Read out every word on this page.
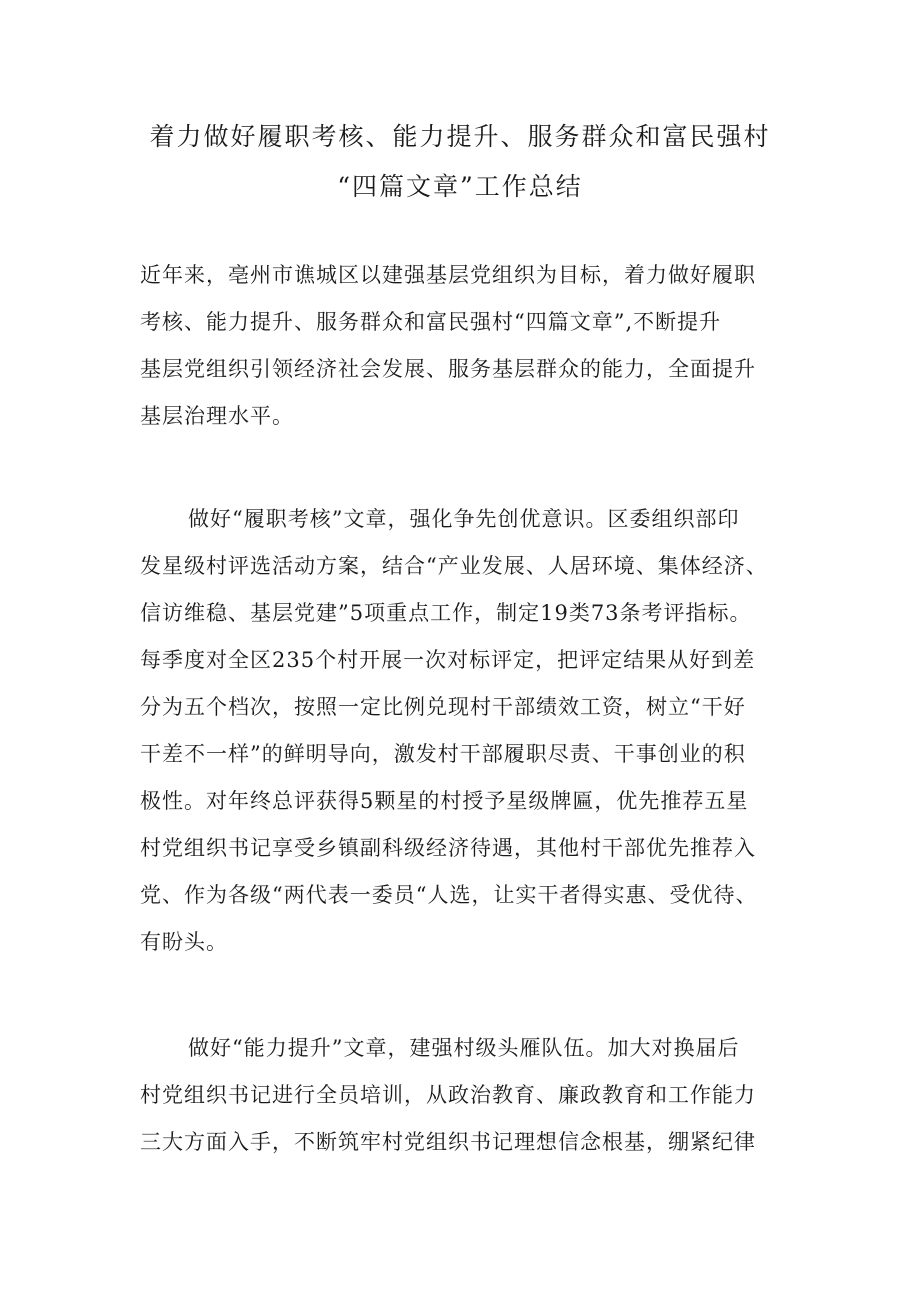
着力做好履职考核、能力提升、服务群众和富民强村
“四篇文章”工作总结
近年来，亳州市谯城区以建强基层党组织为目标，着力做好履职
考核、能力提升、服务群众和富民强村“四篇文章”,不断提升
基层党组织引领经济社会发展、服务基层群众的能力，全面提升
基层治理水平。
做好“履职考核”文章，强化争先创优意识。区委组织部印
发星级村评选活动方案，结合“产业发展、人居环境、集体经济、
信访维稳、基层党建”5项重点工作，制定19类73条考评指标。
每季度对全区235个村开展一次对标评定，把评定结果从好到差
分为五个档次，按照一定比例兑现村干部绩效工资，树立“干好
干差不一样”的鲜明导向，激发村干部履职尽责、干事创业的积
极性。对年终总评获得5颗星的村授予星级牌匾，优先推荐五星
村党组织书记享受乡镇副科级经济待遇，其他村干部优先推荐入
党、作为各级“两代表一委员“人选，让实干者得实惠、受优待、
有盼头。
做好“能力提升”文章，建强村级头雁队伍。加大对换届后
村党组织书记进行全员培训，从政治教育、廉政教育和工作能力
三大方面入手，不断筑牢村党组织书记理想信念根基，绷紧纪律
